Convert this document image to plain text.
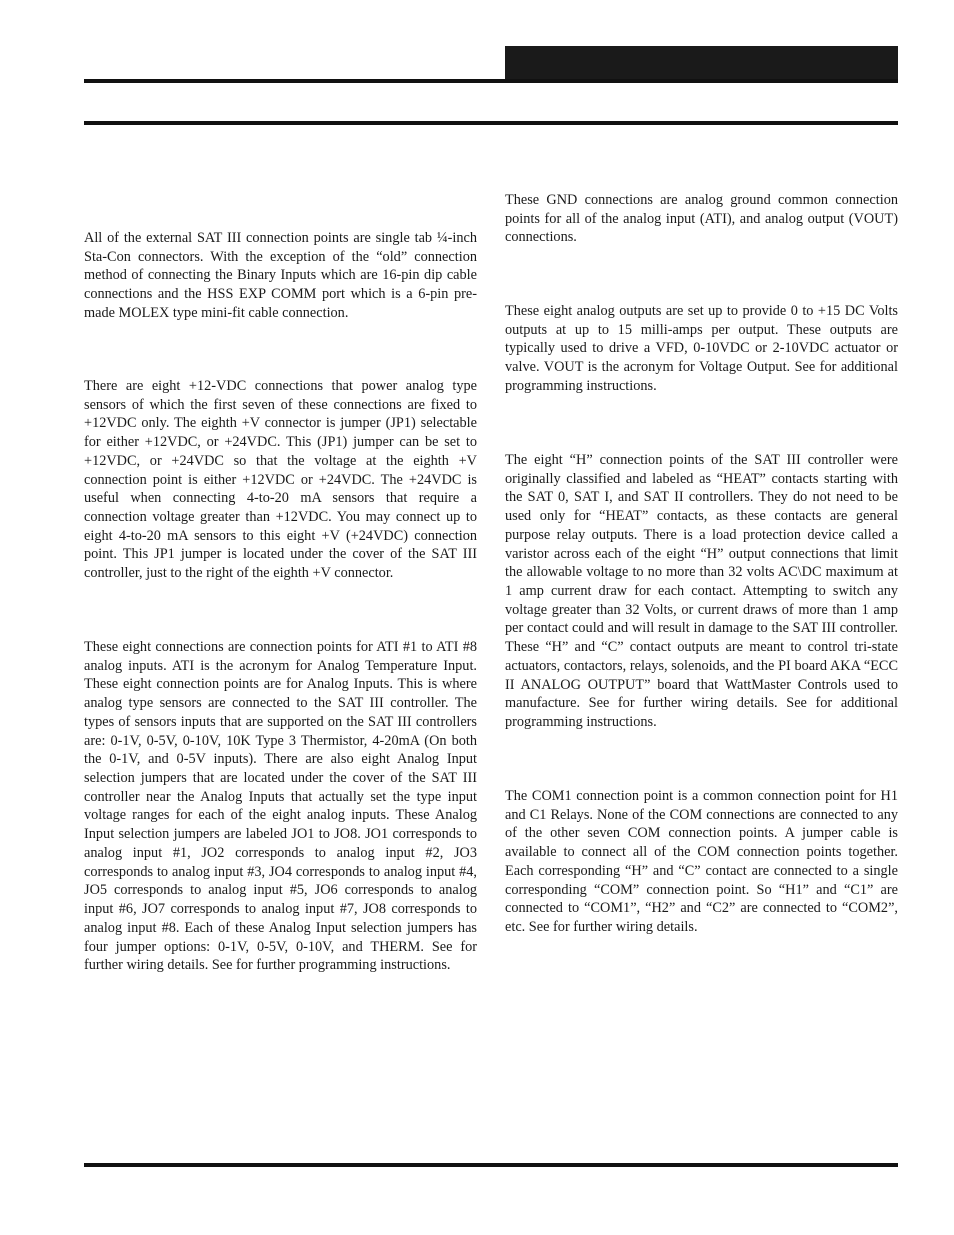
All of the external SAT III connection points are single tab ¼-inch Sta-Con connectors. With the exception of the “old” connection method of connecting the Binary Inputs which are 16-pin dip cable connections and the HSS EXP COMM port which is a 6-pin pre-made MOLEX type mini-fit cable connection.

There are eight +12-VDC connections that power analog type sensors of which the first seven of these connections are fixed to +12VDC only. The eighth +V connector is jumper (JP1) selectable for either +12VDC, or +24VDC. This (JP1) jumper can be set to +12VDC, or +24VDC so that the voltage at the eighth +V connection point is either +12VDC or +24VDC. The +24VDC is useful when connecting 4-to-20 mA sensors that require a connection voltage greater than +12VDC. You may connect up to eight 4-to-20 mA sensors to this eight +V (+24VDC) connection point. This JP1 jumper is located under the cover of the SAT III controller, just to the right of the eighth +V connector.

These eight connections are connection points for ATI #1 to ATI #8 analog inputs. ATI is the acronym for Analog Temperature Input. These eight connection points are for Analog Inputs. This is where analog type sensors are connected to the SAT III controller. The types of sensors inputs that are supported on the SAT III controllers are: 0-1V, 0-5V, 0-10V, 10K Type 3 Thermistor, 4-20mA (On both the 0-1V, and 0-5V inputs). There are also eight Analog Input selection jumpers that are located under the cover of the SAT III controller near the Analog Inputs that actually set the type input voltage ranges for each of the eight analog inputs. These Analog Input selection jumpers are labeled JO1 to JO8. JO1 corresponds to analog input #1, JO2 corresponds to analog input #2, JO3 corresponds to analog input #3, JO4 corresponds to analog input #4, JO5 corresponds to analog input #5, JO6 corresponds to analog input #6, JO7 corresponds to analog input #7, JO8 corresponds to analog input #8. Each of these Analog Input selection jumpers has four jumper options: 0-1V, 0-5V, 0-10V, and THERM. See for further wiring details. See for further programming instructions.

These GND connections are analog ground common connection points for all of the analog input (ATI), and analog output (VOUT) connections.

These eight analog outputs are set up to provide 0 to +15 DC Volts outputs at up to 15 milli-amps per output. These outputs are typically used to drive a VFD, 0-10VDC or 2-10VDC actuator or valve. VOUT is the acronym for Voltage Output. See for additional programming instructions.

The eight “H” connection points of the SAT III controller were originally classified and labeled as “HEAT” contacts starting with the SAT 0, SAT I, and SAT II controllers. They do not need to be used only for “HEAT” contacts, as these contacts are general purpose relay outputs. There is a load protection device called a varistor across each of the eight “H” output connections that limit the allowable voltage to no more than 32 volts AC\DC maximum at 1 amp current draw for each contact. Attempting to switch any voltage greater than 32 Volts, or current draws of more than 1 amp per contact could and will result in damage to the SAT III controller. These “H” and “C” contact outputs are meant to control tri-state actuators, contactors, relays, solenoids, and the PI board AKA “ECC II ANALOG OUTPUT” board that WattMaster Controls used to manufacture. See for further wiring details. See for additional programming instructions.

The COM1 connection point is a common connection point for H1 and C1 Relays. None of the COM connections are connected to any of the other seven COM connection points. A jumper cable is available to connect all of the COM connection points together. Each corresponding “H” and “C” contact are connected to a single corresponding “COM” connection point. So “H1” and “C1” are connected to “COM1”, “H2” and “C2” are connected to “COM2”, etc. See for further wiring details.
